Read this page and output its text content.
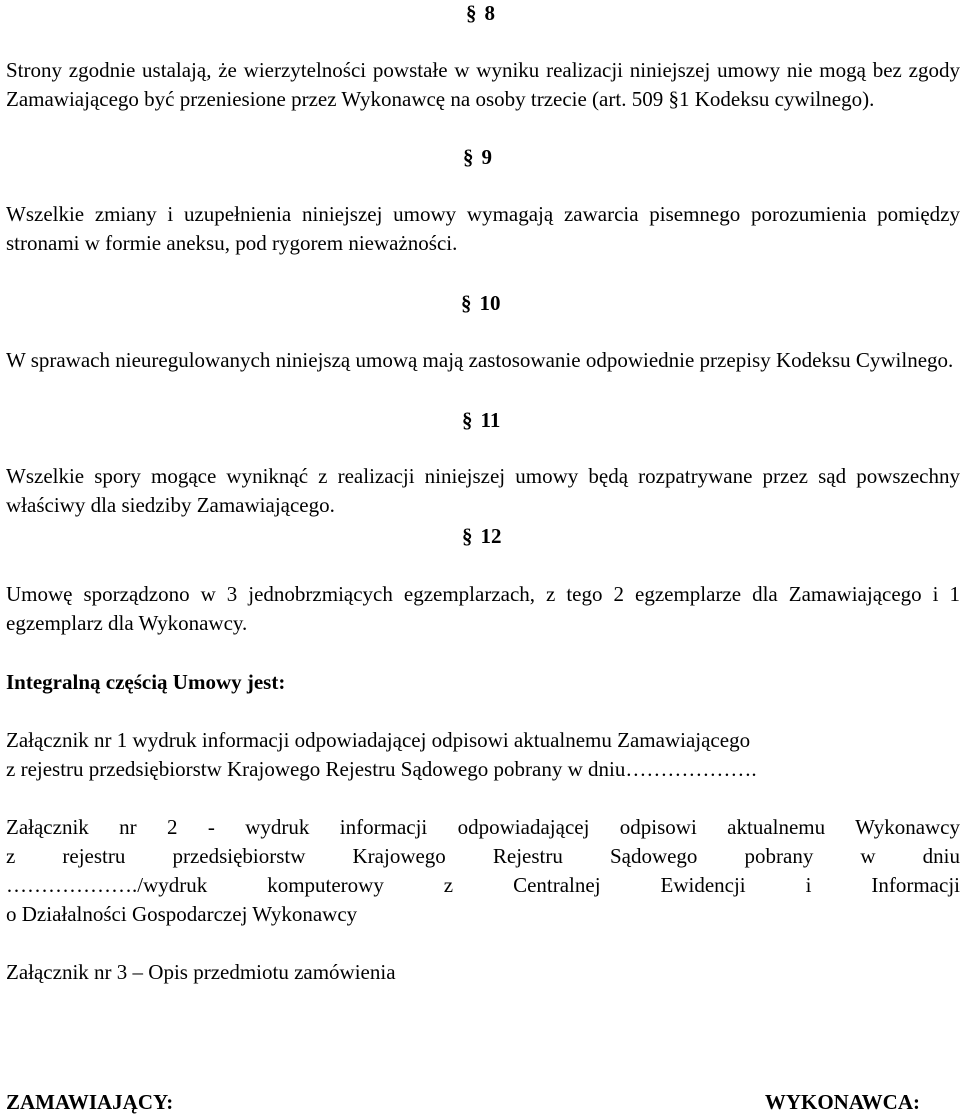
§ 8
Strony zgodnie ustalają, że wierzytelności powstałe w wyniku realizacji niniejszej umowy nie mogą bez zgody Zamawiającego być przeniesione przez Wykonawcę na osoby trzecie (art. 509 §1 Kodeksu cywilnego).
§ 9
Wszelkie zmiany i uzupełnienia niniejszej umowy wymagają zawarcia pisemnego porozumienia pomiędzy stronami w formie aneksu, pod rygorem nieważności.
§ 10
W sprawach nieuregulowanych niniejszą umową mają zastosowanie odpowiednie przepisy Kodeksu Cywilnego.
§ 11
Wszelkie spory mogące wyniknąć z realizacji niniejszej umowy będą rozpatrywane przez sąd powszechny właściwy dla siedziby Zamawiającego.
§ 12
Umowę sporządzono w 3 jednobrzmiących egzemplarzach, z tego 2 egzemplarze dla Zamawiającego i 1 egzemplarz dla Wykonawcy.
Integralną częścią Umowy jest:
Załącznik nr 1 wydruk informacji odpowiadającej odpisowi aktualnemu Zamawiającego
z rejestru przedsiębiorstw Krajowego Rejestru Sądowego pobrany w dniu……………….
Załącznik nr 2 - wydruk informacji odpowiadającej odpisowi aktualnemu Wykonawcy
z rejestru przedsiębiorstw Krajowego Rejestru Sądowego pobrany w dniu
………………./wydruk komputerowy z Centralnej Ewidencji i Informacji
o Działalności Gospodarczej Wykonawcy
Załącznik nr 3 – Opis przedmiotu zamówienia
ZAMAWIAJĄCY:	WYKONAWCA:
